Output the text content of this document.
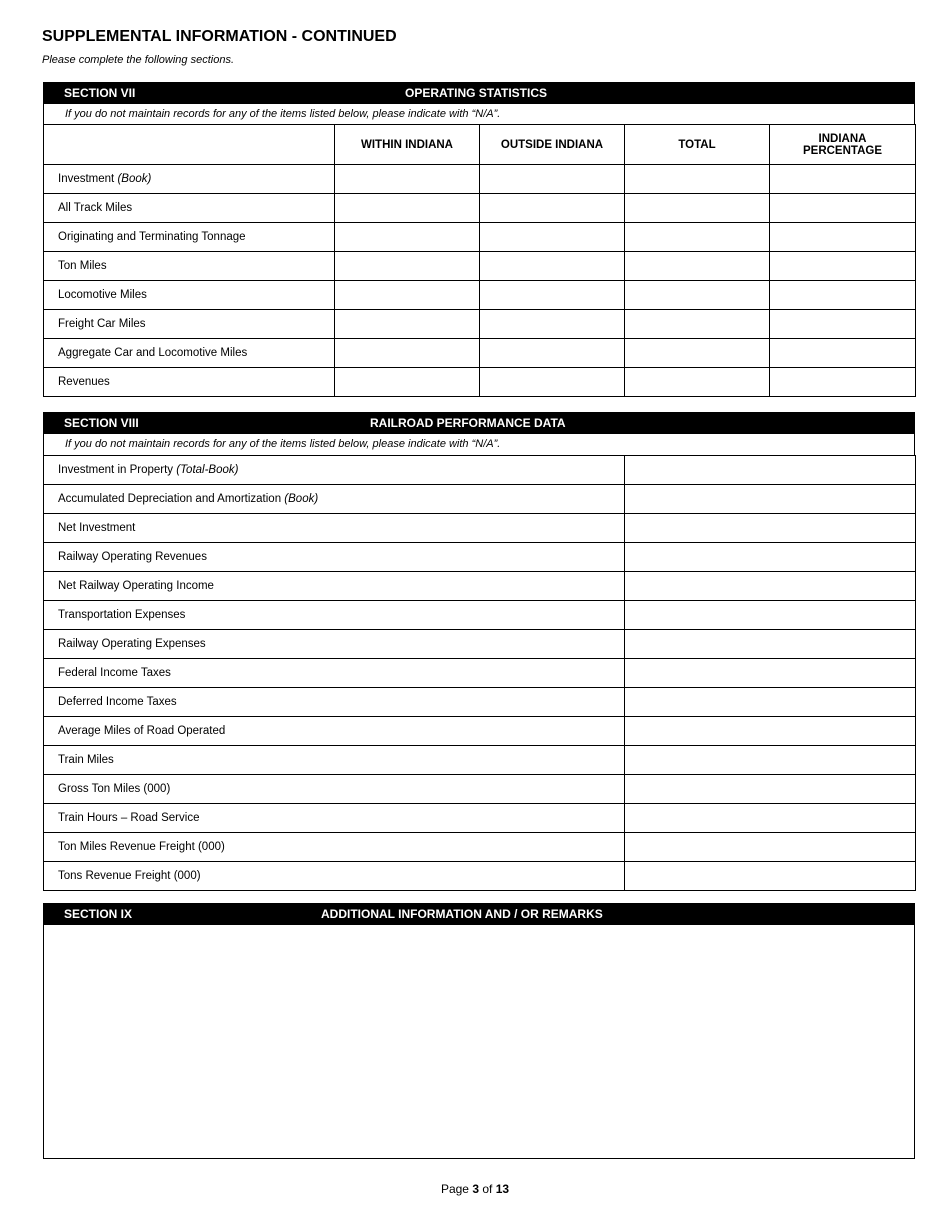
SUPPLEMENTAL INFORMATION - CONTINUED
Please complete the following sections.
SECTION VII	OPERATING STATISTICS
If you do not maintain records for any of the items listed below, please indicate with “N/A”.
	WITHIN INDIANA	OUTSIDE INDIANA	TOTAL	INDIANA PERCENTAGE
Investment (Book)				
All Track Miles				
Originating and Terminating Tonnage				
Ton Miles				
Locomotive Miles				
Freight Car Miles				
Aggregate Car and Locomotive Miles				
Revenues				
SECTION VIII	RAILROAD PERFORMANCE DATA
If you do not maintain records for any of the items listed below, please indicate with “N/A”.
Investment in Property (Total-Book)	
Accumulated Depreciation and Amortization (Book)	
Net Investment	
Railway Operating Revenues	
Net Railway Operating Income	
Transportation Expenses	
Railway Operating Expenses	
Federal Income Taxes	
Deferred Income Taxes	
Average Miles of Road Operated	
Train Miles	
Gross Ton Miles (000)	
Train Hours – Road Service	
Ton Miles Revenue Freight (000)	
Tons Revenue Freight (000)	
SECTION IX	ADDITIONAL INFORMATION AND / OR REMARKS
Page 3 of 13
